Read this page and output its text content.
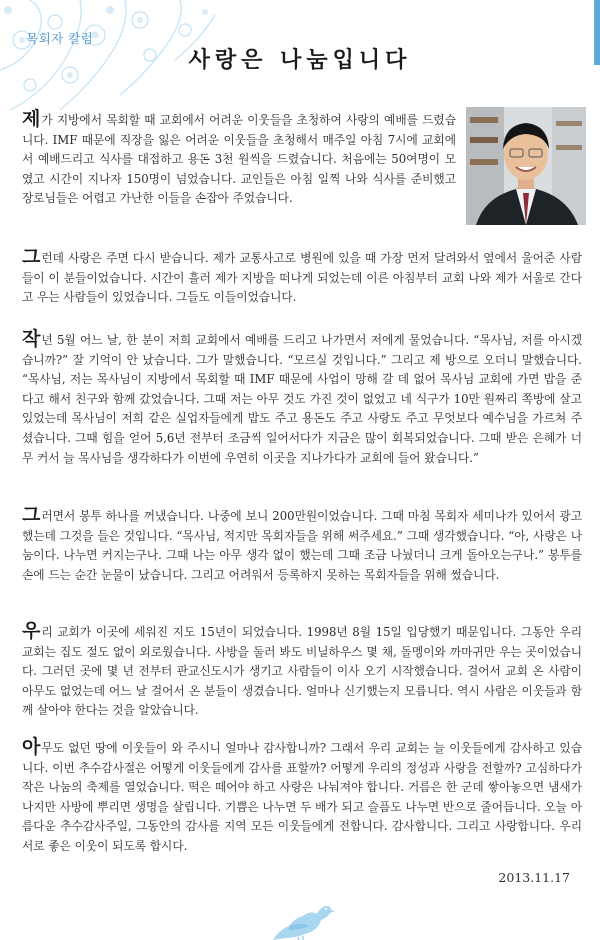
목회자 칼럼
사랑은 나눔입니다

제가 지방에서 목회할 때 교회에서 어려운 이웃들을 초청하여 사랑의 예배를 드렸습니다. IMF 때문에 직장을 잃은 어려운 이웃들을 초청해서 매주일 아침 7시에 교회에서 예배드리고 식사를 대접하고 용돈 3천 원씩을 드렸습니다. 처음에는 50여명이 모였고 시간이 지나자 150명이 넘었습니다. 교인들은 아침 일찍 나와 식사를 준비했고 장로님들은 어렵고 가난한 이들을 손잡아 주었습니다.

그런데 사랑은 주면 다시 받습니다. 제가 교통사고로 병원에 있을 때 가장 먼저 달려와서 옆에서 울어준 사람들이 이 분들이었습니다. 시간이 흘러 제가 지방을 떠나게 되었는데 이른 아침부터 교회 나와 제가 서울로 간다고 우는 사람들이 있었습니다. 그들도 이들이었습니다.

작년 5월 어느 날, 한 분이 저희 교회에서 예배를 드리고 나가면서 저에게 물었습니다. “목사님, 저를 아시겠습니까?” 잘 기억이 안 났습니다. 그가 말했습니다. “모르실 것입니다.” 그리고 제 방으로 오더니 말했습니다. “목사님, 저는 목사님이 지방에서 목회할 때 IMF 때문에 사업이 망해 갈 데 없어 목사님 교회에 가면 밥을 준다고 해서 친구와 함께 갔었습니다. 그때 저는 아무 것도 가진 것이 없었고 네 식구가 10만 원짜리 쪽방에 살고 있었는데 목사님이 저희 같은 실업자들에게 밥도 주고 용돈도 주고 사랑도 주고 무엇보다 예수님을 가르쳐 주셨습니다. 그때 힘을 얻어 5,6년 전부터 조금씩 일어서다가 지금은 많이 회복되었습니다. 그때 받은 은혜가 너무 커서 늘 목사님을 생각하다가 이번에 우연히 이곳을 지나가다가 교회에 들어 왔습니다.”

그러면서 봉투 하나를 꺼냈습니다. 나중에 보니 200만원이었습니다. 그때 마침 목회자 세미나가 있어서 광고했는데 그것을 들은 것입니다. “목사님, 적지만 목회자들을 위해 써주세요.” 그때 생각했습니다. “아, 사랑은 나눔이다. 나누면 커지는구나. 그때 나는 아무 생각 없이 했는데 그때 조금 나눴더니 크게 돌아오는구나.” 봉투를 손에 드는 순간 눈물이 났습니다. 그리고 어려워서 등록하지 못하는 목회자들을 위해 썼습니다.

우리 교회가 이곳에 세워진 지도 15년이 되었습니다. 1998년 8월 15일 입당했기 때문입니다. 그동안 우리 교회는 집도 절도 없이 외로웠습니다. 사방을 둘러 봐도 비닐하우스 몇 채, 돌멩이와 까마귀만 우는 곳이었습니다. 그러던 곳에 몇 년 전부터 판교신도시가 생기고 사람들이 이사 오기 시작했습니다. 걸어서 교회 온 사람이 아무도 없었는데 어느 날 걸어서 온 분들이 생겼습니다. 얼마나 신기했는지 모릅니다. 역시 사람은 이웃들과 함께 살아야 한다는 것을 알았습니다.

아무도 없던 땅에 이웃들이 와 주시니 얼마나 감사합니까? 그래서 우리 교회는 늘 이웃들에게 감사하고 있습니다. 이번 추수감사절은 어떻게 이웃들에게 감사를 표할까? 어떻게 우리의 정성과 사랑을 전할까? 고심하다가 작은 나눔의 축제를 열었습니다. 떡은 떼어야 하고 사랑은 나눠져야 합니다. 거름은 한 군데 쌓아놓으면 냄새가 나지만 사방에 뿌리면 생명을 살립니다. 기쁨은 나누면 두 배가 되고 슬픔도 나누면 반으로 줄어듭니다. 오늘 아름다운 추수감사주일, 그동안의 감사를 지역 모든 이웃들에게 전합니다. 감사합니다. 그리고 사랑합니다. 우리 서로 좋은 이웃이 되도록 합시다.

2013.11.17
